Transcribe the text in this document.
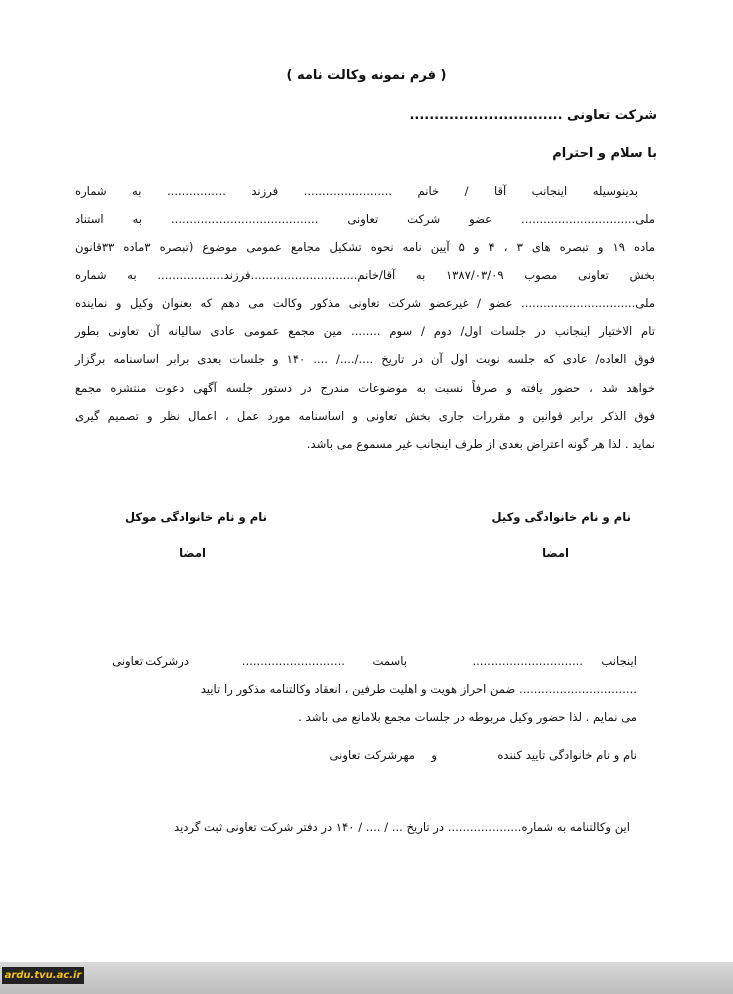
( فرم نمونه وکالت نامه )
شرکت تعاونی ...............................
با سلام و احترام
بدینوسیله اینجانب آقا / خانم ........................ فرزند ................ به شماره
ملی............................... عضو شرکت تعاونی ........................................ به استناد
ماده ۱۹ و تبصره های ۳ ، ۴ و ۵ آیین نامه نحوه تشکیل مجامع عمومی موضوع (تبصره ۳ماده ۳۳قانون
بخش تعاونی مصوب ۱۳۸۷/۰۳/۰۹ به آقا/خانم.............................فرزند.................. به شماره
ملی............................... عضو / غیرعضو شرکت تعاونی مذکور وکالت می دهم که بعنوان وکیل و نماینده
تام الاختیار اینجانب در جلسات اول/ دوم / سوم ........ مین مجمع عمومی عادی سالیانه آن تعاونی بطور
فوق العاده/ عادی که جلسه نوبت اول آن در تاریخ ..../..../ .... ۱۴۰ و جلسات بعدی برابر اساسنامه برگزار
خواهد شد ، حضور یافته و صرفاً نسبت به موضوعات مندرج در دستور جلسه آگهی دعوت منتشره مجمع
فوق الذکر برابر قوانین و مقررات جاری بخش تعاونی و اساسنامه مورد عمل ، اعمال نظر و تصمیم گیری
نماید . لذا هر گونه اعتراض بعدی از طرف اینجانب غیر مسموع می باشد.
نام و نام خانوادگی وکیل
نام و نام خانوادگی موکل
امضا
امضا
اینجانب
..............................
باسمت
............................
درشرکت
تعاونی
................................ ضمن احراز هویت و اهلیت طرفین ، انعقاد وکالتنامه مذکور را تایید
می نمایم . لذا حضور وکیل مربوطه در جلسات مجمع بلامانع می باشد .
نام و نام خانوادگی تایید کننده
و
مهرشرکت تعاونی
این وکالتنامه به شماره.................... در تاریخ ... / .... / ۱۴۰ در دفتر شرکت تعاونی ثبت گردید
ardu.tvu.ac.ir
